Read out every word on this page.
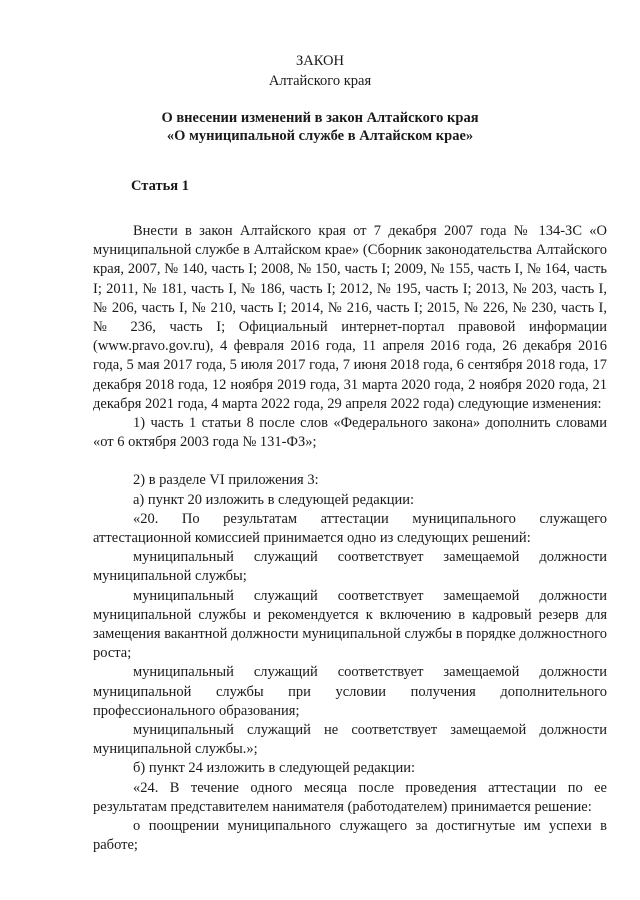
ЗАКОН
Алтайского края
О внесении изменений в закон Алтайского края
«О муниципальной службе в Алтайском крае»
Статья 1

Внести в закон Алтайского края от 7 декабря 2007 года № 134-ЗС «О муниципальной службе в Алтайском крае» (Сборник законодательства Алтайского края, 2007, № 140, часть I; 2008, № 150, часть I; 2009, № 155, часть I, № 164, часть I; 2011, № 181, часть I, № 186, часть I; 2012, № 195, часть I; 2013, № 203, часть I, № 206, часть I, № 210, часть I; 2014, № 216, часть I; 2015, № 226, № 230, часть I, № 236, часть I; Официальный интернет-портал правовой информации (www.pravo.gov.ru), 4 февраля 2016 года, 11 апреля 2016 года, 26 декабря 2016 года, 5 мая 2017 года, 5 июля 2017 года, 7 июня 2018 года, 6 сентября 2018 года, 17 декабря 2018 года, 12 ноября 2019 года, 31 марта 2020 года, 2 ноября 2020 года, 21 декабря 2021 года, 4 марта 2022 года, 29 апреля 2022 года) следующие изменения:

1) часть 1 статьи 8 после слов «Федерального закона» дополнить словами «от 6 октября 2003 года № 131-ФЗ»;

2) в разделе VI приложения 3:

а) пункт 20 изложить в следующей редакции:

«20. По результатам аттестации муниципального служащего аттестационной комиссией принимается одно из следующих решений:

муниципальный служащий соответствует замещаемой должности муниципальной службы;

муниципальный служащий соответствует замещаемой должности муниципальной службы и рекомендуется к включению в кадровый резерв для замещения вакантной должности муниципальной службы в порядке должностного роста;

муниципальный служащий соответствует замещаемой должности муниципальной службы при условии получения дополнительного профессионального образования;

муниципальный служащий не соответствует замещаемой должности муниципальной службы.»;

б) пункт 24 изложить в следующей редакции:

«24. В течение одного месяца после проведения аттестации по ее результатам представителем нанимателя (работодателем) принимается решение:

о поощрении муниципального служащего за достигнутые им успехи в работе;
